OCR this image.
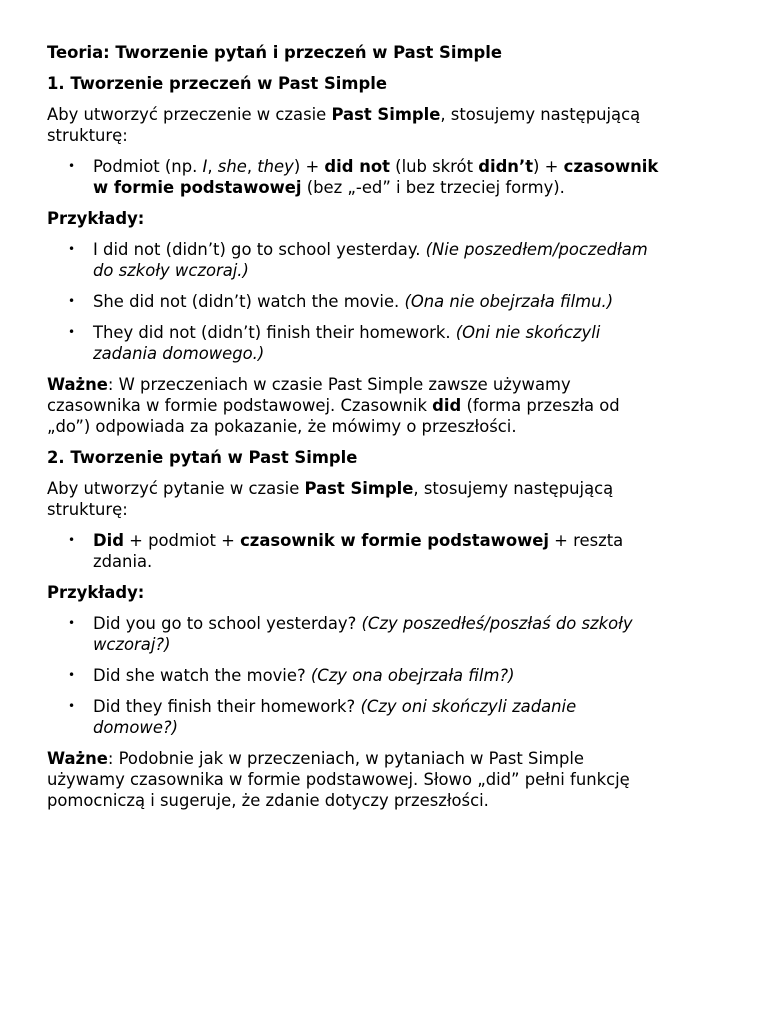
Teoria: Tworzenie pytań i przeczeń w Past Simple
1. Tworzenie przeczeń w Past Simple

Aby utworzyć przeczenie w czasie Past Simple, stosujemy następującą
strukturę:

• Podmiot (np. I, she, they) + did not (lub skrót didn’t) + czasownik
w formie podstawowej (bez „-ed” i bez trzeciej formy).
Przykłady:
• I did not (didn’t) go to school yesterday. (Nie poszedłem/poczedłam
do szkoły wczoraj.)
• She did not (didn’t) watch the movie. (Ona nie obejrzała filmu.)
• They did not (didn’t) finish their homework. (Oni nie skończyli
zadania domowego.)

Ważne: W przeczeniach w czasie Past Simple zawsze używamy
czasownika w formie podstawowej. Czasownik did (forma przeszła od
„do”) odpowiada za pokazanie, że mówimy o przeszłości.

2. Tworzenie pytań w Past Simple

Aby utworzyć pytanie w czasie Past Simple, stosujemy następującą
strukturę:

• Did + podmiot + czasownik w formie podstawowej + reszta
zdania.
Przykłady:
• Did you go to school yesterday? (Czy poszedłeś/poszłaś do szkoły
wczoraj?)
• Did she watch the movie? (Czy ona obejrzała film?)
• Did they finish their homework? (Czy oni skończyli zadanie
domowe?)

Ważne: Podobnie jak w przeczeniach, w pytaniach w Past Simple
używamy czasownika w formie podstawowej. Słowo „did” pełni funkcję
pomocniczą i sugeruje, że zdanie dotyczy przeszłości.
